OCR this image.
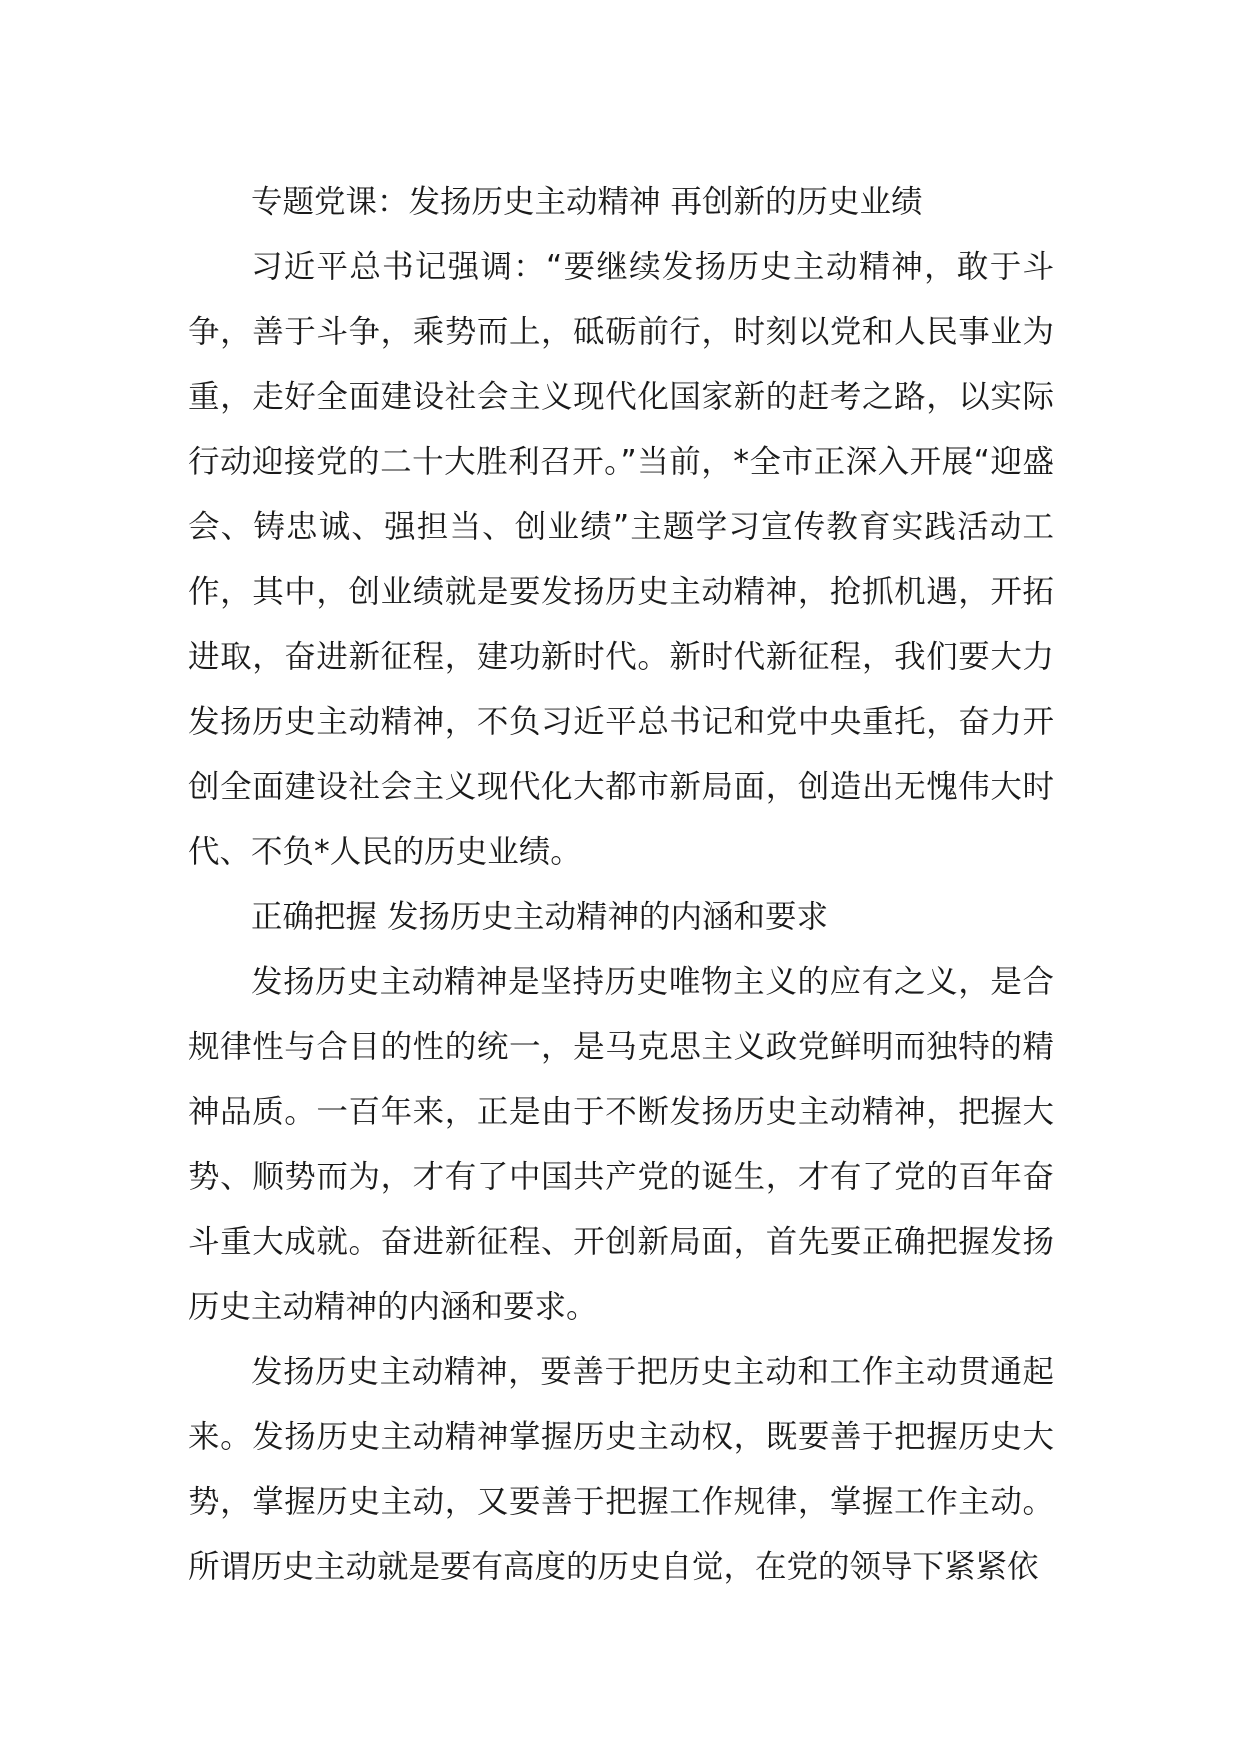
专题党课：发扬历史主动精神 再创新的历史业绩

习近平总书记强调：“要继续发扬历史主动精神，敢于斗争，善于斗争，乘势而上，砥砺前行，时刻以党和人民事业为重，走好全面建设社会主义现代化国家新的赶考之路，以实际行动迎接党的二十大胜利召开。”当前，*全市正深入开展“迎盛会、铸忠诚、强担当、创业绩”主题学习宣传教育实践活动工作，其中，创业绩就是要发扬历史主动精神，抢抓机遇，开拓进取，奋进新征程，建功新时代。新时代新征程，我们要大力发扬历史主动精神，不负习近平总书记和党中央重托，奋力开创全面建设社会主义现代化大都市新局面，创造出无愧伟大时代、不负*人民的历史业绩。

正确把握 发扬历史主动精神的内涵和要求

发扬历史主动精神是坚持历史唯物主义的应有之义，是合规律性与合目的性的统一，是马克思主义政党鲜明而独特的精神品质。一百年来，正是由于不断发扬历史主动精神，把握大势、顺势而为，才有了中国共产党的诞生，才有了党的百年奋斗重大成就。奋进新征程、开创新局面，首先要正确把握发扬历史主动精神的内涵和要求。

发扬历史主动精神，要善于把历史主动和工作主动贯通起来。发扬历史主动精神掌握历史主动权，既要善于把握历史大势，掌握历史主动，又要善于把握工作规律，掌握工作主动。所谓历史主动就是要有高度的历史自觉，在党的领导下紧紧依
